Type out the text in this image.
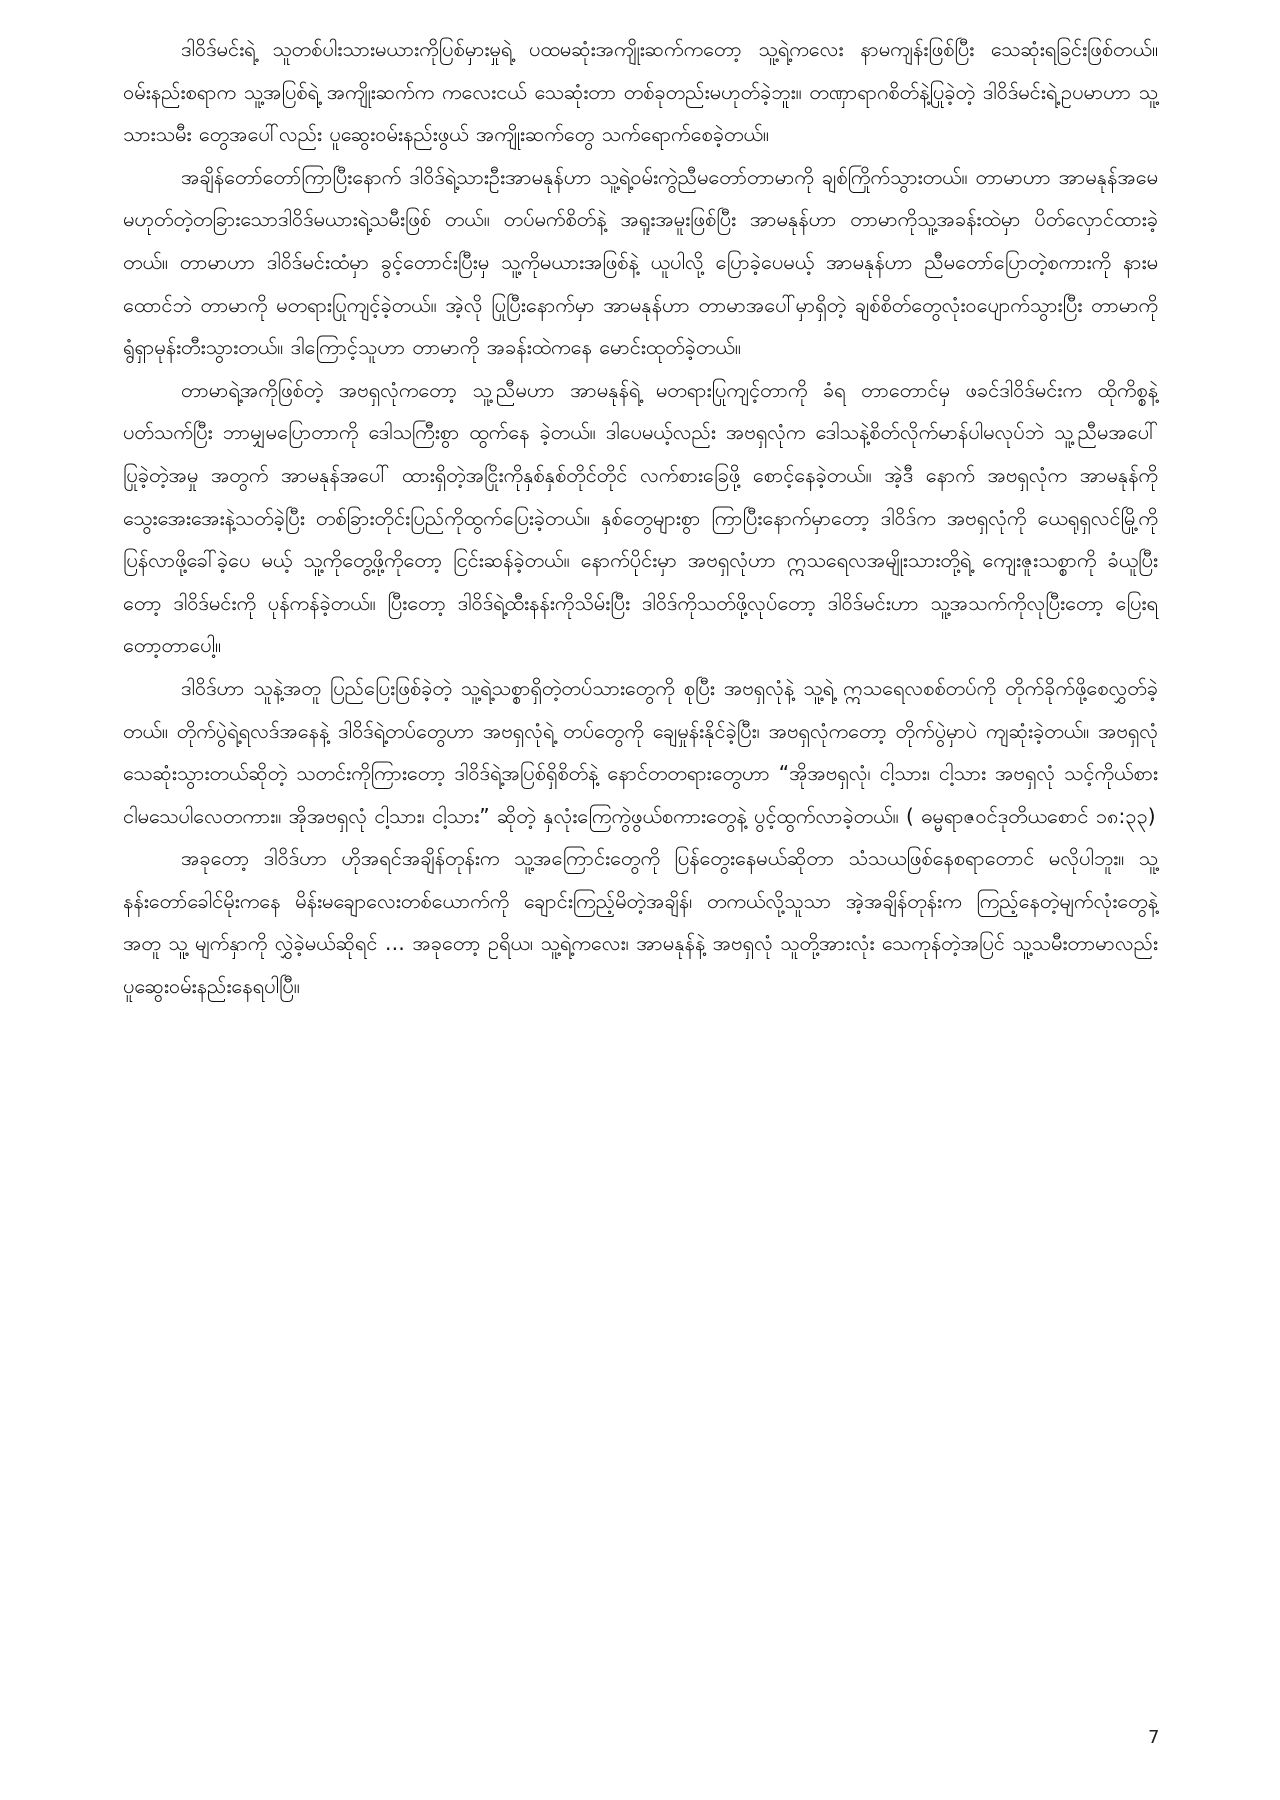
ဒါဝိဒ်မင်းရဲ့ သူတစ်ပါးသားမယားကိုပြစ်မှားမှုရဲ့ ပထမဆုံးအကျိုးဆက်ကတော့ သူ့ရဲ့ကလေး နာမကျန်းဖြစ်ပြီး သေဆုံးရခြင်းဖြစ်တယ်။ ဝမ်းနည်းစရာက သူ့အပြစ်ရဲ့ အကျိုးဆက်က ကလေးငယ် သေဆုံးတာ တစ်ခုတည်းမဟုတ်ခဲ့ဘူး။ တဏှာရာဂစိတ်နဲ့ပြုခဲ့တဲ့ ဒါဝိဒ်မင်းရဲ့ဥပမာဟာ သူ့သားသမီး တွေအပေါ်လည်း ပူဆွေးဝမ်းနည်းဖွယ် အကျိုးဆက်တွေ သက်ရောက်စေခဲ့တယ်။

အချိန်တော်တော်ကြာပြီးနောက် ဒါဝိဒ်ရဲ့သားဦးအာမနုန်ဟာ သူ့ရဲ့ဝမ်းကွဲညီမတော်တာမာကို ချစ်ကြိုက်သွားတယ်။ တာမာဟာ အာမနုန်အမေမဟုတ်တဲ့တခြားသောဒါဝိဒ်မယားရဲ့သမီးဖြစ် တယ်။ တပ်မက်စိတ်နဲ့ အရူးအမူးဖြစ်ပြီး အာမနုန်ဟာ တာမာကိုသူ့အခန်းထဲမှာ ပိတ်လှောင်ထားခဲ့ တယ်။ တာမာဟာ ဒါဝိဒ်မင်းထံမှာ ခွင့်တောင်းပြီးမှ သူ့ကိုမယားအဖြစ်နဲ့ ယူပါလို့ ပြောခဲ့ပေမယ့် အာမနုန်ဟာ ညီမတော်ပြောတဲ့စကားကို နားမထောင်ဘဲ တာမာကို မတရားပြုကျင့်ခဲ့တယ်။ အဲ့လို ပြုပြီးနောက်မှာ အာမနုန်ဟာ တာမာအပေါ်မှာရှိတဲ့ ချစ်စိတ်တွေလုံးဝပျောက်သွားပြီး တာမာကို ရွံရှာမုန်းတီးသွားတယ်။ ဒါကြောင့်သူဟာ တာမာကို အခန်းထဲကနေ မောင်းထုတ်ခဲ့တယ်။

တာမာရဲ့အကိုဖြစ်တဲ့ အဗရှလုံကတော့ သူ့ညီမဟာ အာမနုန်ရဲ့ မတရားပြုကျင့်တာကို ခံရ တာတောင်မှ ဖခင်ဒါဝိဒ်မင်းက ထိုကိစ္စနဲ့ပတ်သက်ပြီး ဘာမျှမပြောတာကို ဒေါသကြီးစွာ ထွက်နေ ခဲ့တယ်။ ဒါပေမယ့်လည်း အဗရှလုံက ဒေါသနဲ့စိတ်လိုက်မာန်ပါမလုပ်ဘဲ သူ့ညီမအပေါ် ပြုခဲ့တဲ့အမှု အတွက် အာမနုန်အပေါ် ထားရှိတဲ့အငြိုးကိုနှစ်နှစ်တိုင်တိုင် လက်စားခြေဖို့ စောင့်နေခဲ့တယ်။ အဲ့ဒီ နောက် အဗရှလုံက အာမနုန်ကို သွေးအေးအေးနဲ့သတ်ခဲ့ပြီး တစ်ခြားတိုင်းပြည်ကိုထွက်ပြေးခဲ့တယ်။ နှစ်တွေများစွာ ကြာပြီးနောက်မှာတော့ ဒါဝိဒ်က အဗရှလုံကို ယေရုရှလင်မြို့ကို ပြန်လာဖို့ခေါ်ခဲ့ပေ မယ့် သူ့ကိုတွေ့ဖို့ကိုတော့ ငြင်းဆန်ခဲ့တယ်။ နောက်ပိုင်းမှာ အဗရှလုံဟာ ဣသရေလအမျိုးသားတို့ရဲ့ ကျေးဇူးသစ္စာကို ခံယူပြီးတော့ ဒါဝိဒ်မင်းကို ပုန်ကန်ခဲ့တယ်။ ပြီးတော့ ဒါဝိဒ်ရဲ့ထီးနန်းကိုသိမ်းပြီး ဒါဝိဒ်ကိုသတ်ဖို့လုပ်တော့ ဒါဝိဒ်မင်းဟာ သူ့အသက်ကိုလုပြီးတော့ ပြေးရတော့တာပေါ့။

ဒါဝိဒ်ဟာ သူနဲ့အတူ ပြည်ပြေးဖြစ်ခဲ့တဲ့ သူ့ရဲ့သစ္စာရှိတဲ့တပ်သားတွေကို စုပြီး အဗရှလုံနဲ့ သူ့ရဲ့ ဣသရေလစစ်တပ်ကို တိုက်ခိုက်ဖို့စေလွှတ်ခဲ့တယ်။ တိုက်ပွဲရဲ့ရလဒ်အနေနဲ့ ဒါဝိဒ်ရဲ့တပ်တွေဟာ အဗရှလုံရဲ့ တပ်တွေကို ချေမှုန်းနိုင်ခဲ့ပြီး၊ အဗရှလုံကတော့ တိုက်ပွဲမှာပဲ ကျဆုံးခဲ့တယ်။ အဗရှလုံ သေဆုံးသွားတယ်ဆိုတဲ့ သတင်းကိုကြားတော့ ဒါဝိဒ်ရဲ့အပြစ်ရှိစိတ်နဲ့ နောင်တတရားတွေဟာ “အိုအဗရှလုံ၊ ငါ့သား၊ ငါ့သား အဗရှလုံ သင့်ကိုယ်စား ငါမသေပါလေတကား။ အိုအဗရှလုံ ငါ့သား၊ ငါ့သား” ဆိုတဲ့ နှလုံးကြေကွဲဖွယ်စကားတွေနဲ့ ပွင့်ထွက်လာခဲ့တယ်။ ( ဓမ္မရာဇဝင်ဒုတိယစောင် ၁၈:၃၃)

အခုတော့ ဒါဝိဒ်ဟာ ဟိုအရင်အချိန်တုန်းက သူ့အကြောင်းတွေကို ပြန်တွေးနေမယ်ဆိုတာ သံသယဖြစ်နေစရာတောင် မလိုပါဘူး။ သူ့နန်းတော်ခေါင်မိုးကနေ မိန်းမချောလေးတစ်ယောက်ကို ချောင်းကြည့်မိတဲ့အချိန်၊ တကယ်လို့သူသာ အဲ့အချိန်တုန်းက ကြည့်နေတဲ့မျက်လုံးတွေနဲ့အတူ သူ့ မျက်နှာကို လွှဲခဲ့မယ်ဆိုရင် … အခုတော့ ဥရိယ၊ သူ့ရဲ့ကလေး၊ အာမနုန်နဲ့ အဗရှလုံ သူတို့အားလုံး သေကုန်တဲ့အပြင် သူ့သမီးတာမာလည်း ပူဆွေးဝမ်းနည်းနေရပါပြီ။

7
